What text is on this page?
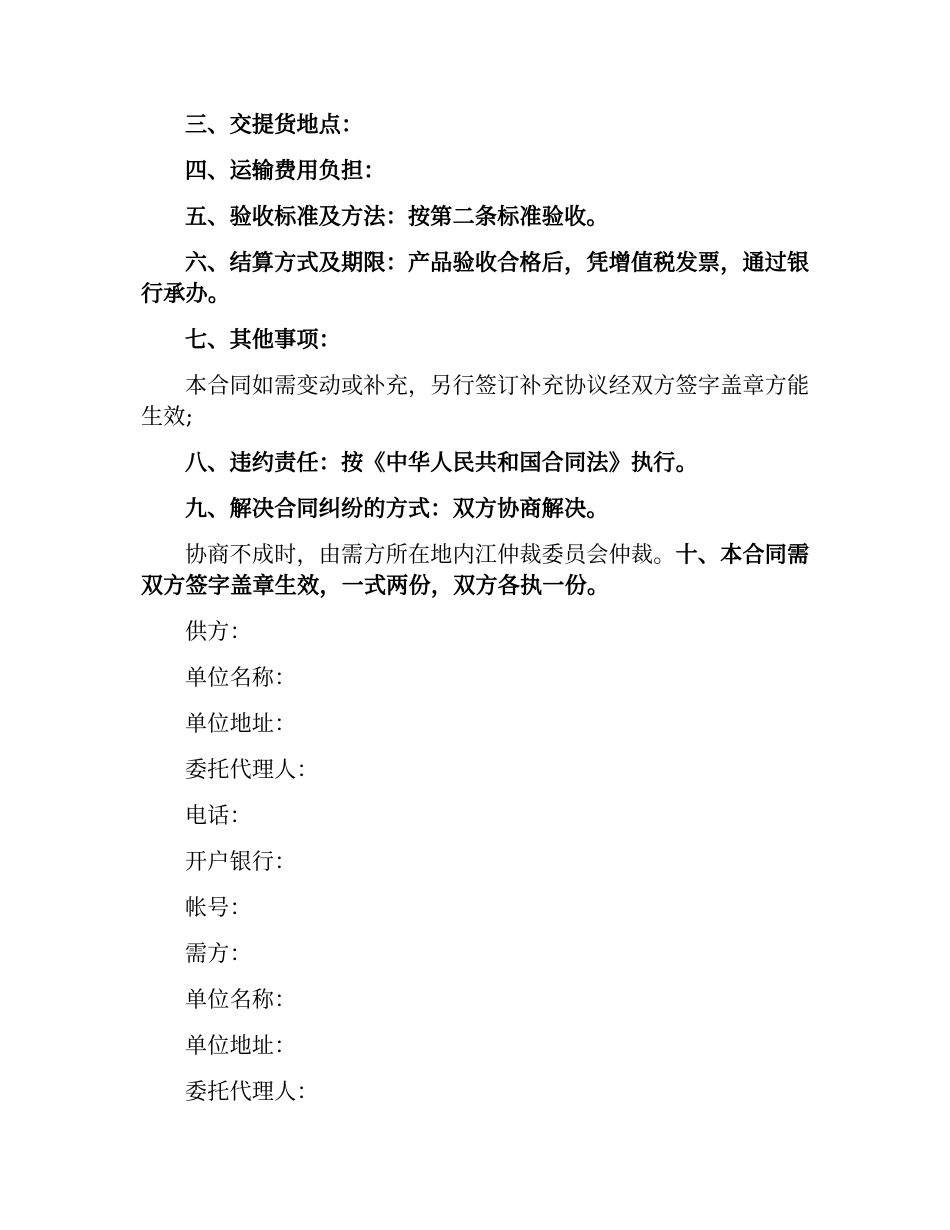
三、交提货地点：

四、运输费用负担：

五、验收标准及方法：按第二条标准验收。

六、结算方式及期限：产品验收合格后，凭增值税发票，通过银行承办。

七、其他事项：

本合同如需变动或补充，另行签订补充协议经双方签字盖章方能生效;

八、违约责任：按《中华人民共和国合同法》执行。

九、解决合同纠纷的方式：双方协商解决。

协商不成时，由需方所在地内江仲裁委员会仲裁。十、本合同需双方签字盖章生效，一式两份，双方各执一份。

供方：

单位名称：

单位地址：

委托代理人：

电话：

开户银行：

帐号：

需方：

单位名称：

单位地址：

委托代理人：
